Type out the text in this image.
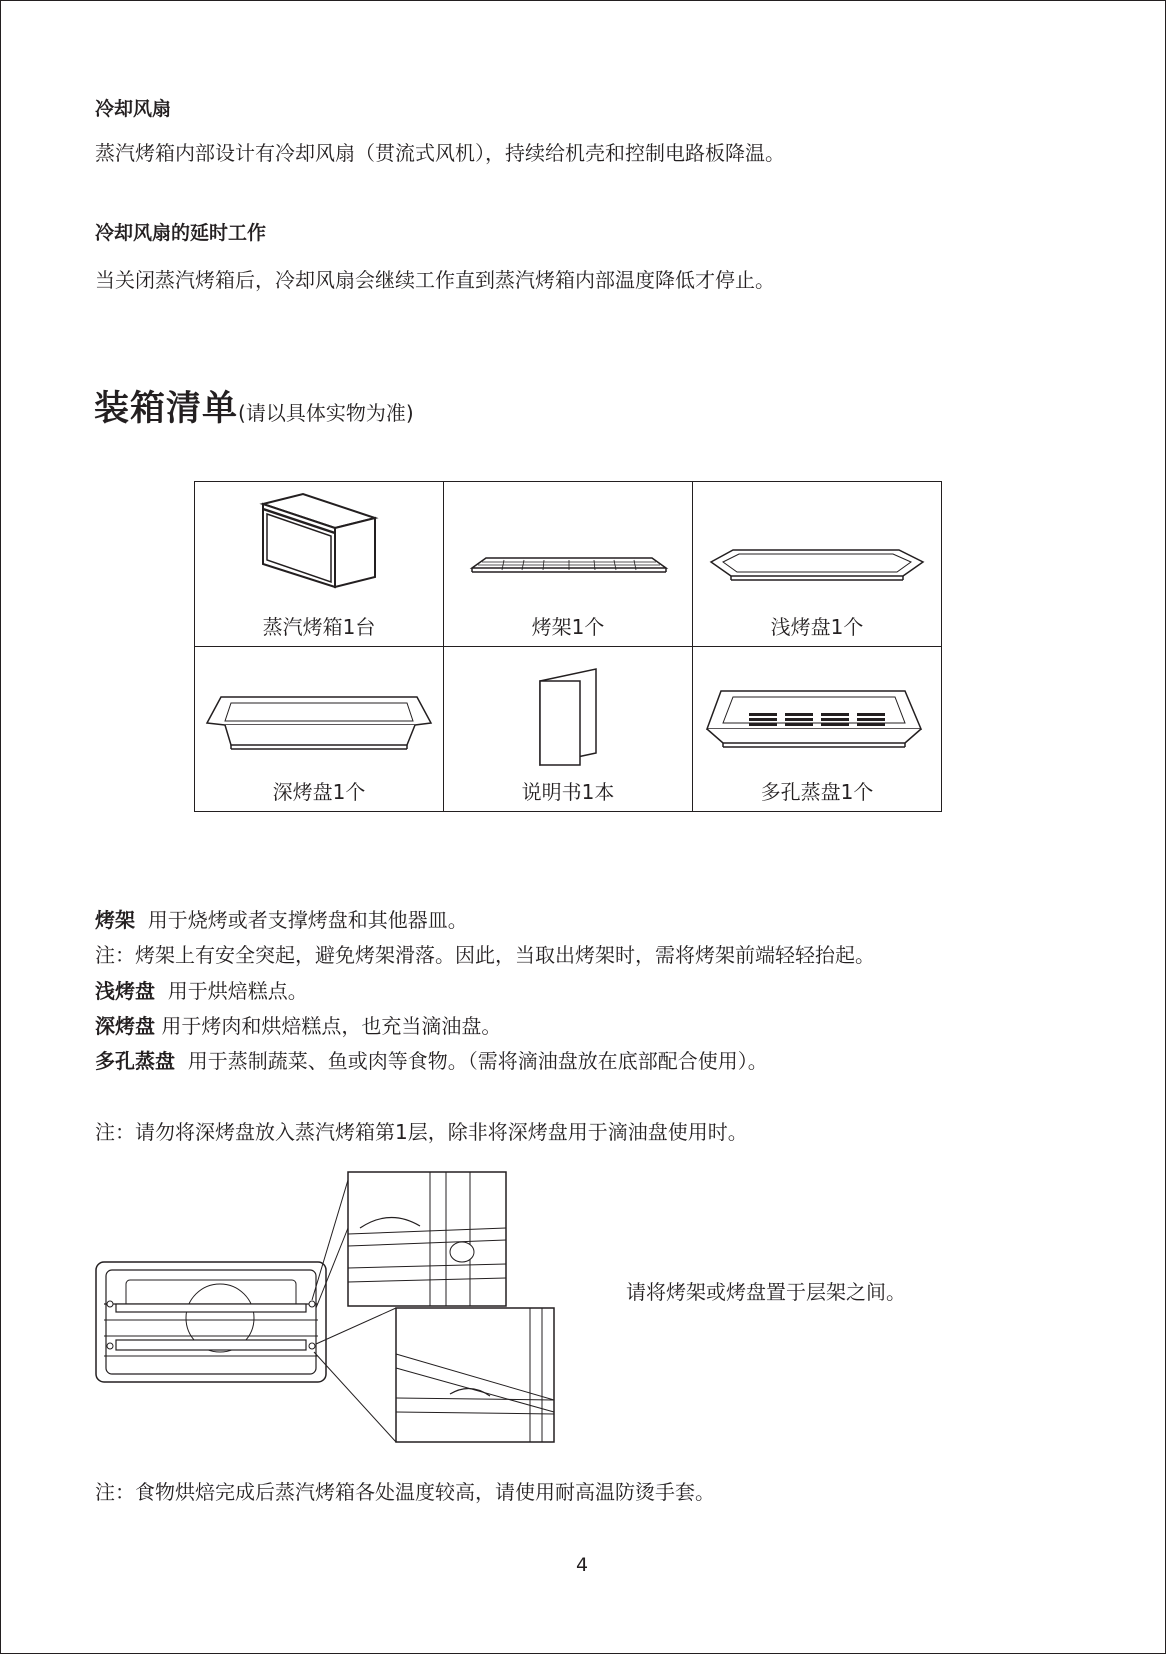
冷却风扇
蒸汽烤箱内部设计有冷却风扇（贯流式风机），持续给机壳和控制电路板降温。
冷却风扇的延时工作
当关闭蒸汽烤箱后，冷却风扇会继续工作直到蒸汽烤箱内部温度降低才停止。
装箱清单(请以具体实物为准)
蒸汽烤箱1台	烤架1个	浅烤盘1个

深烤盘1个	说明书1本	多孔蒸盘1个
烤架 用于烧烤或者支撑烤盘和其他器皿。
注：烤架上有安全突起，避免烤架滑落。因此，当取出烤架时，需将烤架前端轻轻抬起。
浅烤盘 用于烘焙糕点。
深烤盘 用于烤肉和烘焙糕点，也充当滴油盘。
多孔蒸盘 用于蒸制蔬菜、鱼或肉等食物。（需将滴油盘放在底部配合使用）。
注：请勿将深烤盘放入蒸汽烤箱第1层，除非将深烤盘用于滴油盘使用时。
请将烤架或烤盘置于层架之间。
注：食物烘焙完成后蒸汽烤箱各处温度较高，请使用耐高温防烫手套。
4
